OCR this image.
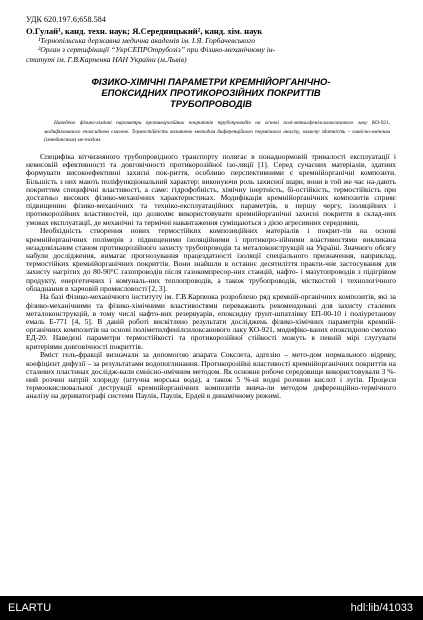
УДК 620.197.6;658.584

О.Гулай¹, канд. техн. наук; Я.Середницький², канд. хім. наук

¹Тернопільська державна медична академія ім. І.Я. Горбачевського

²Орган з сертифікації “УкрСЕПРОтрубозіз” при Фізико-механічному ін-
ституті ім. Г.В.Карпенка НАН України (м.Львів)

ФІЗИКО-ХІМІЧНІ ПАРАМЕТРИ КРЕМНІЙОРГАНІЧНО-
ЕПОКСИДНИХ ПРОТИКОРОЗІЙНИХ ПОКРИТТІВ
ТРУБОПРОВОДІВ

Наведено фізико-хімічні параметри протикорозійних покриттів трубопроводів на основі полі-метилфенілсилоксанового лаку КО-921, модифікованого епоксидною смолою. Термостійкість визначено методом диференційного термічного аналізу, захисну здатність – ємнісно-омічним (імпедансним) ме-тодом.

Специфіка вітчизняного трубопровідного транспорту полягає в понаднормовій тривалості експлуатації і невисокій ефективності та довговічності протикорозійної ізо-ляції [1]. Серед сучасних матеріалів, здатних формувати високоефективні захисні пок-риття, особливо перспективними є кремнійорганічні композити. Більшість з них мають поліфункціональний характер: виконуючи роль захисної шари, вони в той же час на-дають покриттям специфічні властивості, а саме: гідрофобність, хімічну інертність, бі-остійкість, термостійкість при достатньо високих фізико-механічних характеристиках. Модифікація кремнійорганічних композитів сприяє підвищенню фізико-механічних та техніко-експлуатаційних параметрів, в першу чергу, ізоляційних і протикорозійних властивостей, що дозволяє використовувати кремнійорганічні захисні покриття в склад-них умовах експлуатації, де механічні та термічні навантаження суміщаються з дією агресивних середовищ.

Необхідність створення нових термостійких композиційних матеріалів і покрит-тів на основі кремнійорганічних полімерів з підвищеними ізоляційними і протикоро-зійними властивостями викликана незадовільним станом протикорозійного захисту трубопроводів та металоконструкцій на Україні. Значного обсягу набули дослідження, вимагає прогнозування працездатності ізоляції спеціального призначення, наприклад, термостійких кремнійорганічних покриттів. Вони знайшли в останнє десятиліття практи-чне застосування для захисту нагрітих до 80-90°С газопроводів після газокомпресор-них станцій, нафто- і мазутопроводів з підігрівом продукту, енергетичних і комуналь-них теплопроводів, а також трубопроводів, місткостей і технологічного обладнання в харчовій промисловості [2, 3].

На базі Фізико-механічного інституту ім. Г.В.Карпенка розроблено ряд кремній-органічних композитів, які за фізико-механічними та фізико-хімічними властивостями переважають рекомендовані для захисту сталевих металоконструкцій, в тому числі нафто-вих резервуарів, епоксидну ґрунт-шпатлівку ЕП-00-10 і поліуретанову емаль Е-771 [4, 5]. В даній роботі висвітлено результати досліджень фізико-хімічних параметрів кремній-органічних композитів на основі поліметилфенілсилоксанового лаку КО-921, модифіко-ваних епоксидною смолою ЕД-20. Наведені параметри термостійкості та протикорозійної стійкості можуть в певній мірі слугувати критеріями довговічності покриттів.

Вміст гель-фракції визначали за допомогою апарата Сокслета, адгезію – мето-дом нормального відриву, коефіцієнт дифузії – за результатами водопоглинання. Протикорозійні властивості кремнійорганічних покриттів на сталевих пластинах дослідж-вали ємнісно-омічним методом. Як основне робоче середовище використовували 3 %-ний розчин натрій хлориду (штучна морська вода), а також 5 %-ні водні розчини кислот і лугів. Процеси термоокислювальної деструкції кремнійорганічних композитів вивча-ли методом диференційно-термічного аналізу на дериватографі системи Паулік, Паулік, Ердей в динамічному режимі.

ELARTU	hdl:lib/41033
